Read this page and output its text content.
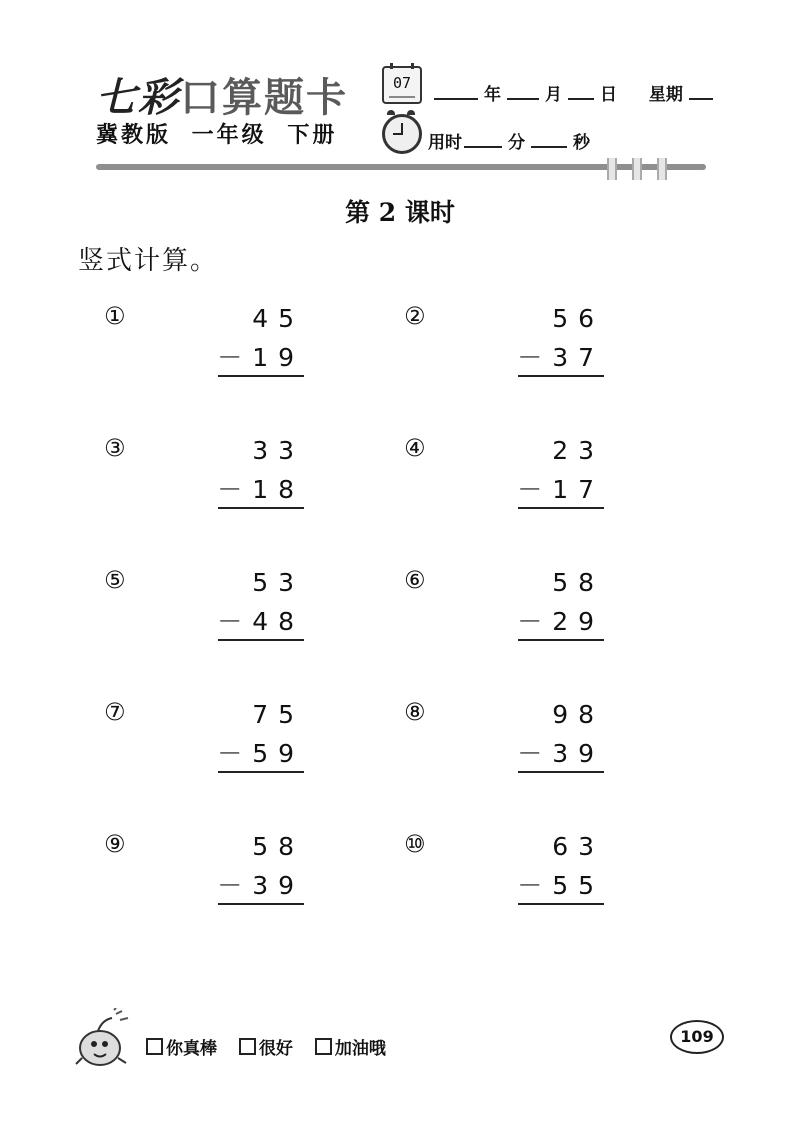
七彩口算题卡
冀教版 一年级 下册
07
年	月 日 星期
用时	分	秒
第 2 课时
竖式计算。
①	45
－19
②	56
－37
③	33
－18
④	23
－17
⑤	53
－48
⑥	58
－29
⑦	75
－59
⑧	98
－39
⑨	58
－39
⑩	63
－55
你真棒
很好
加油哦
109
